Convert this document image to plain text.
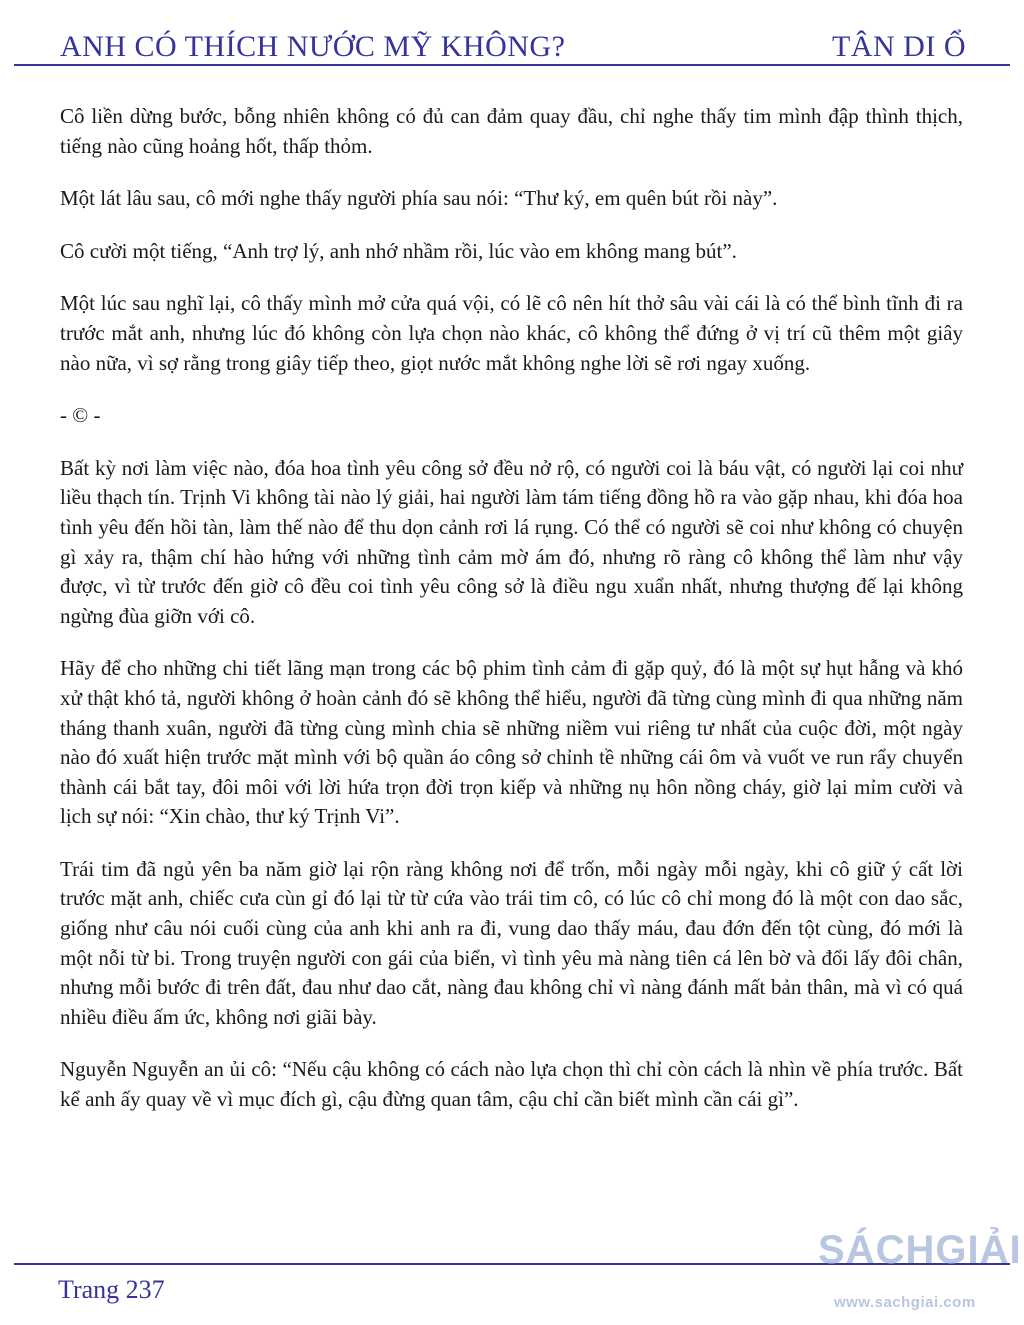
ANH CÓ THÍCH NƯỚC MỸ KHÔNG?	TÂN DI Ổ

Cô liền dừng bước, bỗng nhiên không có đủ can đảm quay đầu, chỉ nghe thấy tim mình đập thình thịch, tiếng nào cũng hoảng hốt, thấp thỏm.

Một lát lâu sau, cô mới nghe thấy người phía sau nói: “Thư ký, em quên bút rồi này”.

Cô cười một tiếng, “Anh trợ lý, anh nhớ nhầm rồi, lúc vào em không mang bút”.

Một lúc sau nghĩ lại, cô thấy mình mở cửa quá vội, có lẽ cô nên hít thở sâu vài cái là có thể bình tĩnh đi ra trước mắt anh, nhưng lúc đó không còn lựa chọn nào khác, cô không thể đứng ở vị trí cũ thêm một giây nào nữa, vì sợ rằng trong giây tiếp theo, giọt nước mắt không nghe lời sẽ rơi ngay xuống.

- © -

Bất kỳ nơi làm việc nào, đóa hoa tình yêu công sở đều nở rộ, có người coi là báu vật, có người lại coi như liều thạch tín. Trịnh Vi không tài nào lý giải, hai người làm tám tiếng đồng hồ ra vào gặp nhau, khi đóa hoa tình yêu đến hồi tàn, làm thế nào để thu dọn cảnh rơi lá rụng. Có thể có người sẽ coi như không có chuyện gì xảy ra, thậm chí hào hứng với những tình cảm mờ ám đó, nhưng rõ ràng cô không thể làm như vậy được, vì từ trước đến giờ cô đều coi tình yêu công sở là điều ngu xuẩn nhất, nhưng thượng đế lại không ngừng đùa giỡn với cô.

Hãy để cho những chi tiết lãng mạn trong các bộ phim tình cảm đi gặp quỷ, đó là một sự hụt hẫng và khó xử thật khó tả, người không ở hoàn cảnh đó sẽ không thể hiểu, người đã từng cùng mình đi qua những năm tháng thanh xuân, người đã từng cùng mình chia sẽ những niềm vui riêng tư nhất của cuộc đời, một ngày nào đó xuất hiện trước mặt mình với bộ quần áo công sở chỉnh tề những cái ôm và vuốt ve run rẩy chuyển thành cái bắt tay, đôi môi với lời hứa trọn đời trọn kiếp và những nụ hôn nồng cháy, giờ lại mỉm cười và lịch sự nói: “Xin chào, thư ký Trịnh Vi”.

Trái tim đã ngủ yên ba năm giờ lại rộn ràng không nơi để trốn, mỗi ngày mỗi ngày, khi cô giữ ý cất lời trước mặt anh, chiếc cưa cùn gỉ đó lại từ từ cứa vào trái tim cô, có lúc cô chỉ mong đó là một con dao sắc, giống như câu nói cuối cùng của anh khi anh ra đi, vung dao thấy máu, đau đớn đến tột cùng, đó mới là một nỗi từ bi. Trong truyện người con gái của biển, vì tình yêu mà nàng tiên cá lên bờ và đổi lấy đôi chân, nhưng mỗi bước đi trên đất, đau như dao cắt, nàng đau không chỉ vì nàng đánh mất bản thân, mà vì có quá nhiều điều ấm ức, không nơi giãi bày.

Nguyễn Nguyễn an ủi cô: “Nếu cậu không có cách nào lựa chọn thì chỉ còn cách là nhìn về phía trước. Bất kể anh ấy quay về vì mục đích gì, cậu đừng quan tâm, cậu chỉ cần biết mình cần cái gì”.

Trang 237
SÁCHGIẢI
www.sachgiai.com
